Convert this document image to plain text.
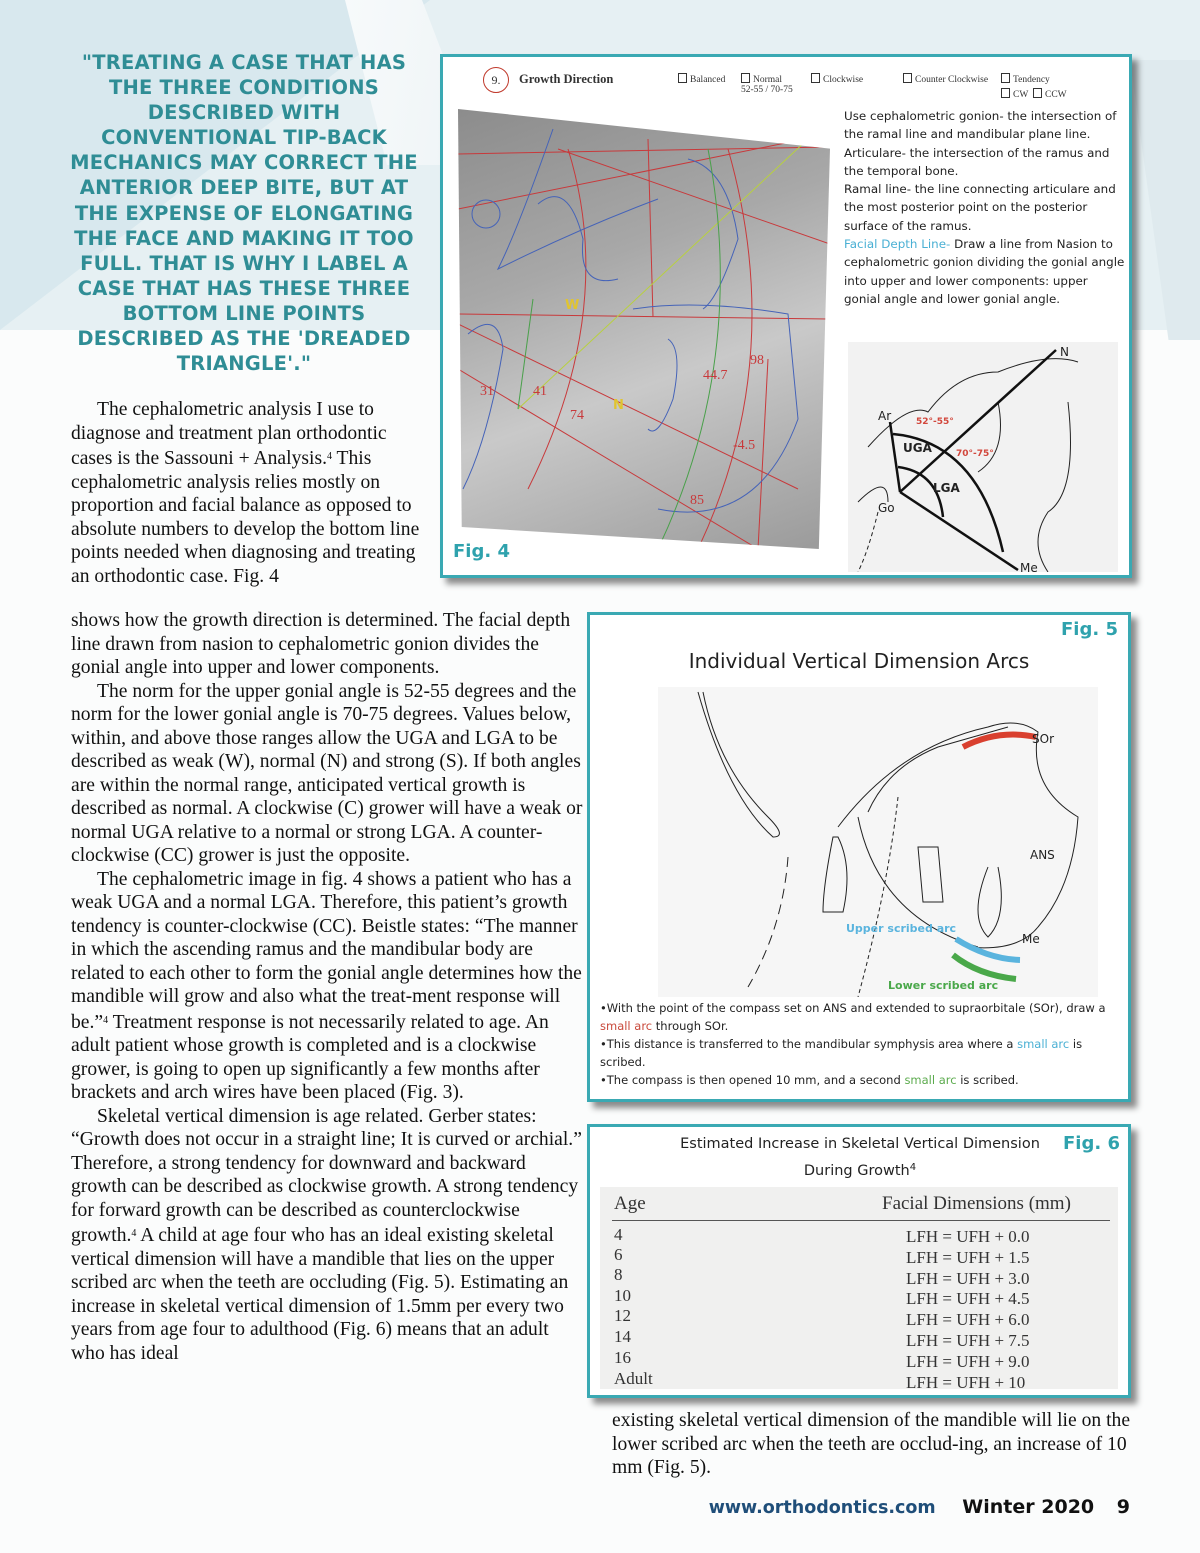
"TREATING A CASE THAT HAS THE THREE CONDITIONS DESCRIBED WITH CONVENTIONAL TIP-BACK MECHANICS MAY CORRECT THE ANTERIOR DEEP BITE, BUT AT THE EXPENSE OF ELONGATING THE FACE AND MAKING IT TOO FULL. THAT IS WHY I LABEL A CASE THAT HAS THESE THREE BOTTOM LINE POINTS DESCRIBED AS THE 'DREADED TRIANGLE'."

The cephalometric analysis I use to diagnose and treatment plan orthodontic cases is the Sassouni + Analysis.$^4$ This cephalometric analysis relies mostly on proportion and facial balance as opposed to absolute numbers to develop the bottom line points needed when diagnosing and treating an orthodontic case. Fig. 4

shows how the growth direction is determined. The facial depth line drawn from nasion to cephalometric gonion divides the gonial angle into upper and lower components.

The norm for the upper gonial angle is 52-55 degrees and the norm for the lower gonial angle is 70-75 degrees. Values below, within, and above those ranges allow the UGA and LGA to be described as weak (W), normal (N) and strong (S). If both angles are within the normal range, anticipated vertical growth is described as normal. A clockwise (C) grower will have a weak or normal UGA relative to a normal or strong LGA. A counter-clockwise (CC) grower is just the opposite.

The cephalometric image in fig. 4 shows a patient who has a weak UGA and a normal LGA. Therefore, this patient’s growth tendency is counter-clockwise (CC). Beistle states: “The manner in which the ascending ramus and the mandibular body are related to each other to form the gonial angle determines how the mandible will grow and also what the treat-ment response will be.”$^4$ Treatment response is not necessarily related to age. An adult patient whose growth is completed and is a clockwise grower, is going to open up significantly a few months after brackets and arch wires have been placed (Fig. 3).

Skeletal vertical dimension is age related. Gerber states: “Growth does not occur in a straight line; It is curved or archial.” Therefore, a strong tendency for downward and backward growth can be described as clockwise growth. A strong tendency for forward growth can be described as counterclockwise growth.$^4$ A child at age four who has an ideal existing skeletal vertical dimension will have a mandible that lies on the upper scribed arc when the teeth are occluding (Fig. 5). Estimating an increase in skeletal vertical dimension of 1.5mm per every two years from age four to adulthood (Fig. 6) means that an adult who has ideal

existing skeletal vertical dimension of the mandible will lie on the lower scribed arc when the teeth are occlud-ing, an increase of 10 mm (Fig. 5).

9.	Growth Direction	Balanced	Normal
52-55 / 70-75
Clockwise	Counter Clockwise	Tendency
CW	CCW
W
N
31	41
74
44.7
98
-4.5
85
Fig. 4
Use cephalometric gonion- the intersection of the ramal line and mandibular plane line.
Articulare- the intersection of the ramus and the temporal bone.
Ramal line- the line connecting articulare and the most posterior point on the posterior surface of the ramus.
Facial Depth Line- Draw a line from Nasion to cephalometric gonion dividing the gonial angle into upper and lower components: upper gonial angle and lower gonial angle.
N
Ar
Go
Me
UGA
LGA
52°-55°
70°-75°
Fig. 5
Individual Vertical Dimension Arcs
SOr
ANS
Me
Upper scribed arc
Lower scribed arc
•With the point of the compass set on ANS and extended to supraorbitale (SOr), draw a small arc through SOr.
•This distance is transferred to the mandibular symphysis area where a small arc is scribed.
•The compass is then opened 10 mm, and a second small arc is scribed.
Estimated Increase in Skeletal Vertical Dimension
During Growth$^4$
Fig. 6
Age	Facial Dimensions (mm)
4	LFH = UFH + 0.0
6	LFH = UFH + 1.5
8	LFH = UFH + 3.0
10	LFH = UFH + 4.5
12	LFH = UFH + 6.0
14	LFH = UFH + 7.5
16	LFH = UFH + 9.0
Adult	LFH = UFH + 10
www.orthodontics.com Winter 2020 9
